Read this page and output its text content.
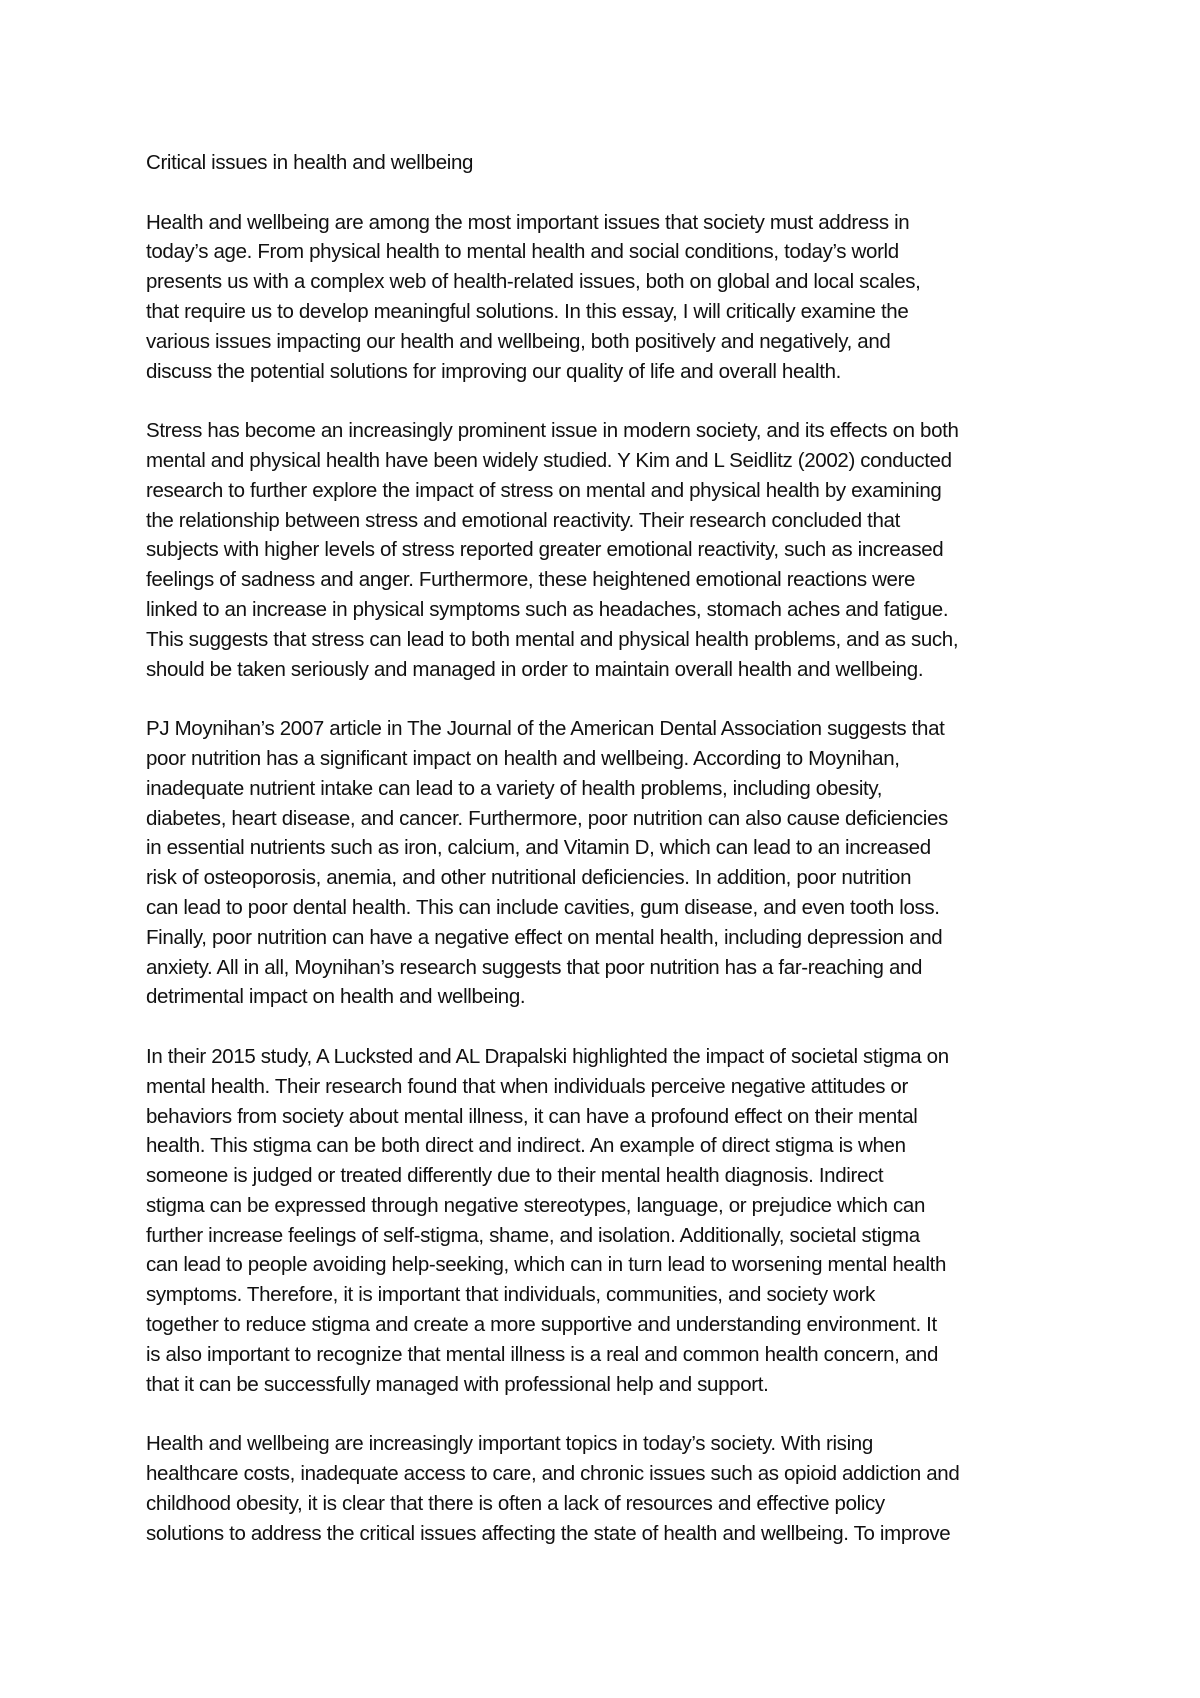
Critical issues in health and wellbeing
Health and wellbeing are among the most important issues that society must address in
today’s age. From physical health to mental health and social conditions, today’s world
presents us with a complex web of health-related issues, both on global and local scales,
that require us to develop meaningful solutions. In this essay, I will critically examine the
various issues impacting our health and wellbeing, both positively and negatively, and
discuss the potential solutions for improving our quality of life and overall health.
Stress has become an increasingly prominent issue in modern society, and its effects on both
mental and physical health have been widely studied. Y Kim and L Seidlitz (2002) conducted
research to further explore the impact of stress on mental and physical health by examining
the relationship between stress and emotional reactivity. Their research concluded that
subjects with higher levels of stress reported greater emotional reactivity, such as increased
feelings of sadness and anger. Furthermore, these heightened emotional reactions were
linked to an increase in physical symptoms such as headaches, stomach aches and fatigue.
This suggests that stress can lead to both mental and physical health problems, and as such,
should be taken seriously and managed in order to maintain overall health and wellbeing.
PJ Moynihan’s 2007 article in The Journal of the American Dental Association suggests that
poor nutrition has a significant impact on health and wellbeing. According to Moynihan,
inadequate nutrient intake can lead to a variety of health problems, including obesity,
diabetes, heart disease, and cancer. Furthermore, poor nutrition can also cause deficiencies
in essential nutrients such as iron, calcium, and Vitamin D, which can lead to an increased
risk of osteoporosis, anemia, and other nutritional deficiencies. In addition, poor nutrition
can lead to poor dental health. This can include cavities, gum disease, and even tooth loss.
Finally, poor nutrition can have a negative effect on mental health, including depression and
anxiety. All in all, Moynihan’s research suggests that poor nutrition has a far-reaching and
detrimental impact on health and wellbeing.
In their 2015 study, A Lucksted and AL Drapalski highlighted the impact of societal stigma on
mental health. Their research found that when individuals perceive negative attitudes or
behaviors from society about mental illness, it can have a profound effect on their mental
health. This stigma can be both direct and indirect. An example of direct stigma is when
someone is judged or treated differently due to their mental health diagnosis. Indirect
stigma can be expressed through negative stereotypes, language, or prejudice which can
further increase feelings of self-stigma, shame, and isolation. Additionally, societal stigma
can lead to people avoiding help-seeking, which can in turn lead to worsening mental health
symptoms. Therefore, it is important that individuals, communities, and society work
together to reduce stigma and create a more supportive and understanding environment. It
is also important to recognize that mental illness is a real and common health concern, and
that it can be successfully managed with professional help and support.
Health and wellbeing are increasingly important topics in today’s society. With rising
healthcare costs, inadequate access to care, and chronic issues such as opioid addiction and
childhood obesity, it is clear that there is often a lack of resources and effective policy
solutions to address the critical issues affecting the state of health and wellbeing. To improve
